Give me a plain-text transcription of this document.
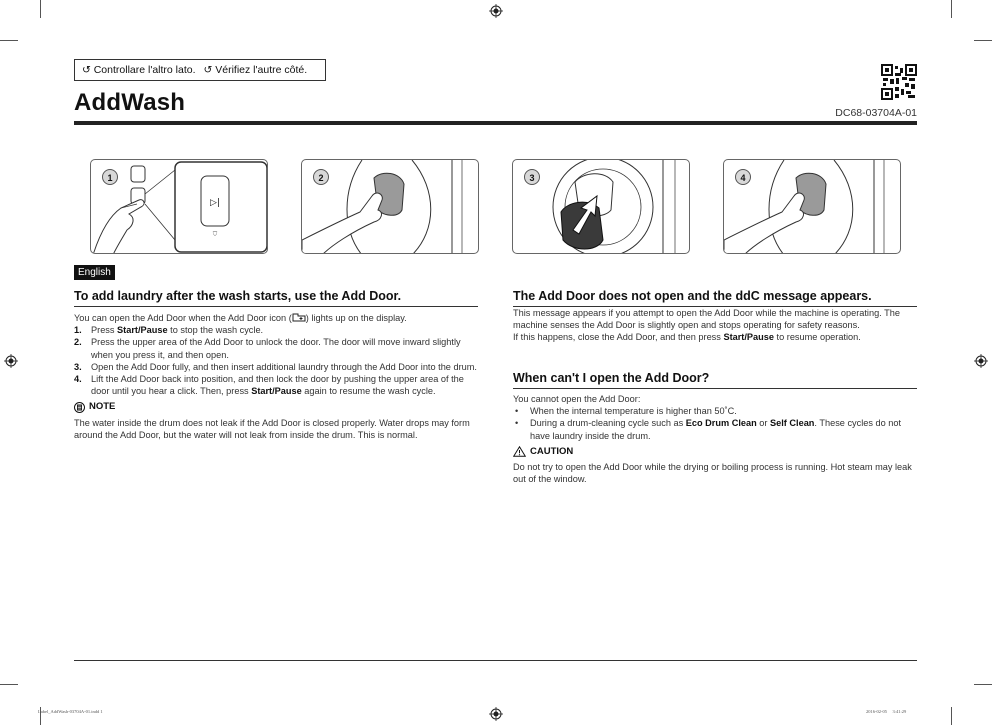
↺ Controllare l'altro lato. ↺ Vérifiez l'autre côté.
AddWash	DC68-03704A-01
▷|
⛉
1	2	3	4
English
To add laundry after the wash starts, use the Add Door.

You can open the Add Door when the Add Door icon ( ) lights up on the display.

1. Press Start/Pause to stop the wash cycle.
2. Press the upper area of the Add Door to unlock the door. The door will move inward slightly when you press it, and then open.
3. Open the Add Door fully, and then insert additional laundry through the Add Door into the drum.
4. Lift the Add Door back into position, and then lock the door by pushing the upper area of the door until you hear a click. Then, press Start/Pause again to resume the wash cycle.
NOTE

The water inside the drum does not leak if the Add Door is closed properly. Water drops may form around the Add Door, but the water will not leak from inside the drum. This is normal.

The Add Door does not open and the ddC message appears.

This message appears if you attempt to open the Add Door while the machine is operating. The machine senses the Add Door is slightly open and stops operating for safety reasons.

If this happens, close the Add Door, and then press Start/Pause to resume operation.

When can't I open the Add Door?

You cannot open the Add Door:

• When the internal temperature is higher than 50˚C.
• During a drum-cleaning cycle such as Eco Drum Clean or Self Clean. These cycles do not have laundry inside the drum.
CAUTION

Do not try to open the Add Door while the drying or boiling process is running. Hot steam may leak out of the window.

Label_AddWash-03704A-01.indd 1	2016-02-05 ㅤ3:41:29
